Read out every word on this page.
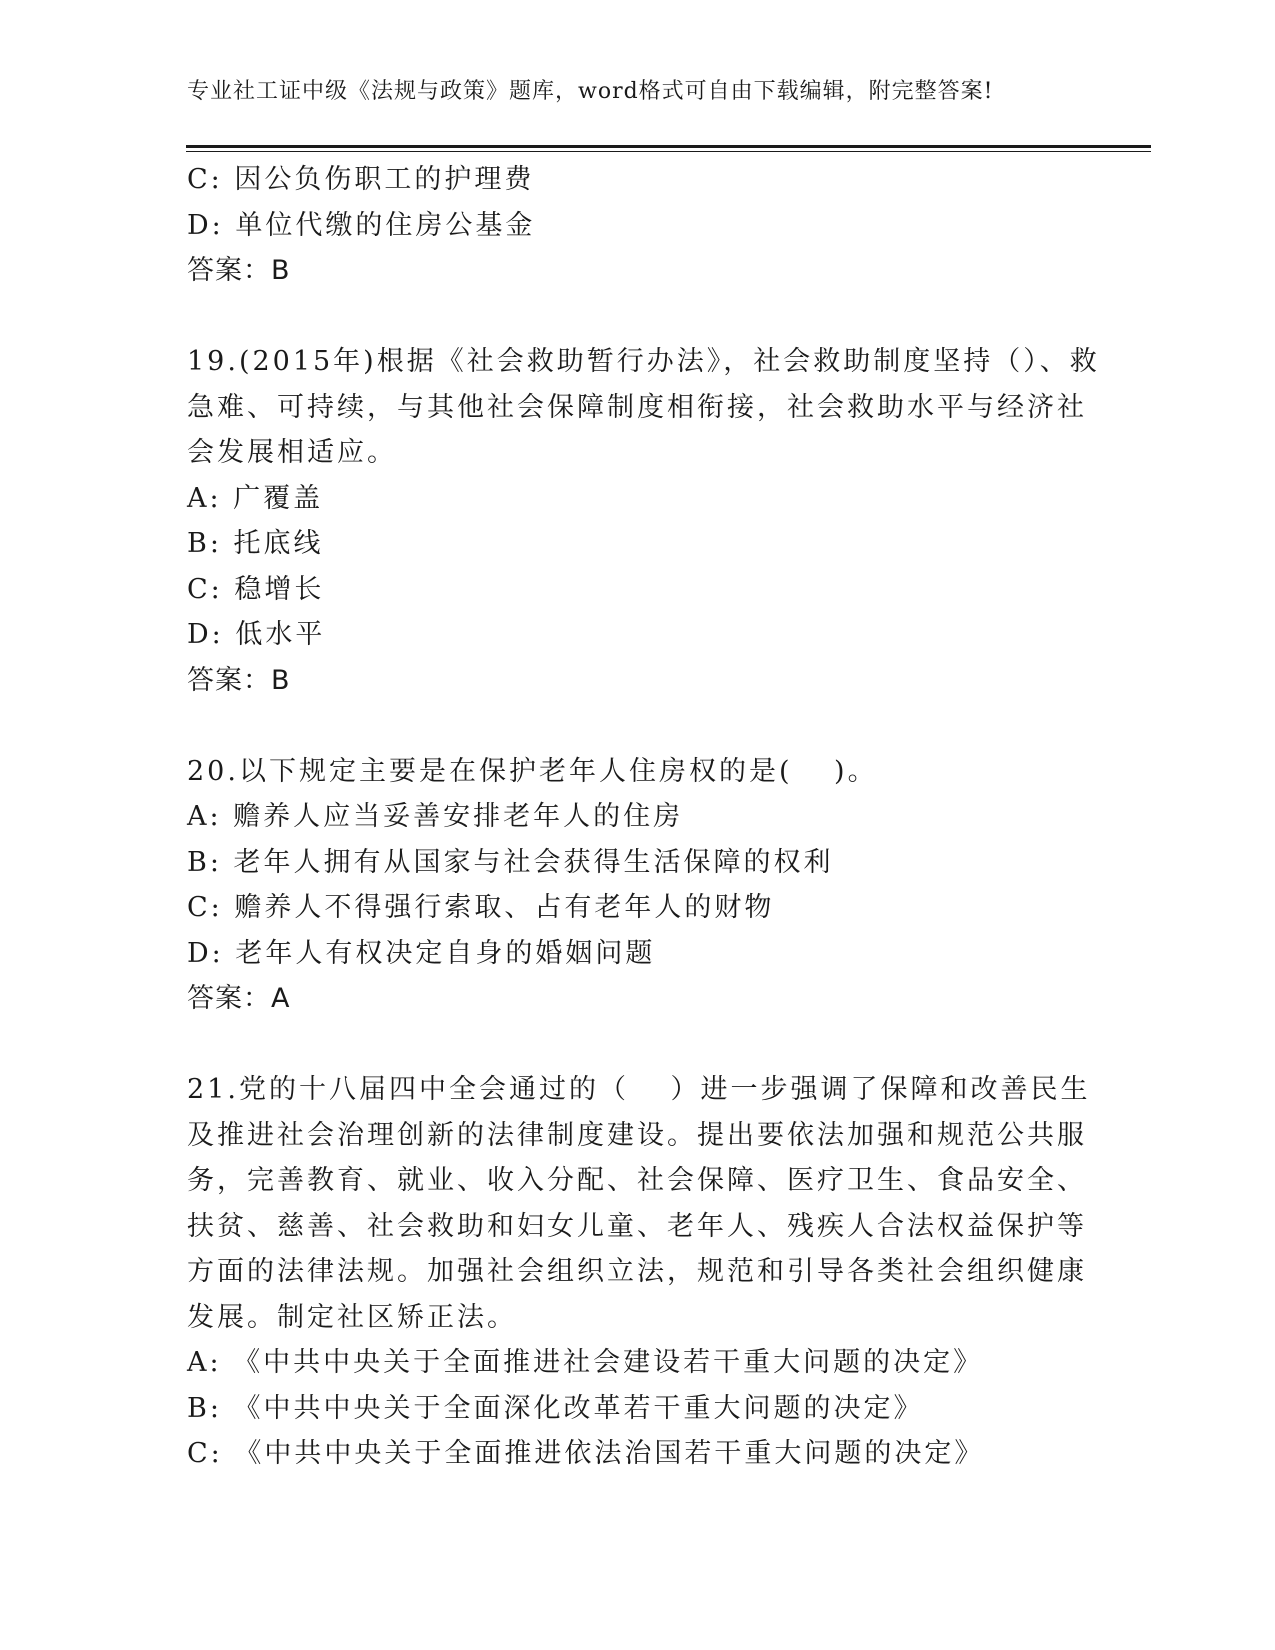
专业社工证中级《法规与政策》题库，word格式可自由下载编辑，附完整答案!
C: 因公负伤职工的护理费
D: 单位代缴的住房公基金
答案：B
19.(2015年)根据《社会救助暂行办法》，社会救助制度坚持（）、救
急难、可持续，与其他社会保障制度相衔接，社会救助水平与经济社
会发展相适应。
A: 广覆盖
B: 托底线
C: 稳增长
D: 低水平
答案：B
20.以下规定主要是在保护老年人住房权的是(　 )。
A: 赡养人应当妥善安排老年人的住房
B: 老年人拥有从国家与社会获得生活保障的权利
C: 赡养人不得强行索取、占有老年人的财物
D: 老年人有权决定自身的婚姻问题
答案：A
21.党的十八届四中全会通过的（　 ）进一步强调了保障和改善民生
及推进社会治理创新的法律制度建设。提出要依法加强和规范公共服
务，完善教育、就业、收入分配、社会保障、医疗卫生、食品安全、
扶贫、慈善、社会救助和妇女儿童、老年人、残疾人合法权益保护等
方面的法律法规。加强社会组织立法，规范和引导各类社会组织健康
发展。制定社区矫正法。
A: 《中共中央关于全面推进社会建设若干重大问题的决定》
B: 《中共中央关于全面深化改革若干重大问题的决定》
C: 《中共中央关于全面推进依法治国若干重大问题的决定》
